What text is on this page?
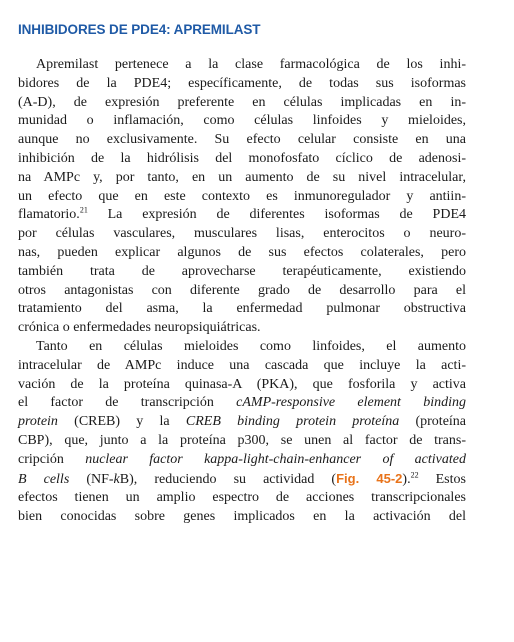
INHIBIDORES DE PDE4: APREMILAST

Apremilast pertenece a la clase farmacológica de los inhi-
bidores de la PDE4; específicamente, de todas sus isoformas
(A-D), de expresión preferente en células implicadas en in-
munidad o inflamación, como células linfoides y mieloides,
aunque no exclusivamente. Su efecto celular consiste en una
inhibición de la hidrólisis del monofosfato cíclico de adenosi-
na AMPc y, por tanto, en un aumento de su nivel intracelular,
un efecto que en este contexto es inmunoregulador y antiin-
flamatorio.$^{21}$ La expresión de diferentes isoformas de PDE4
por células vasculares, musculares lisas, enterocitos o neuro-
nas, pueden explicar algunos de sus efectos colaterales, pero
también trata de aprovecharse terapéuticamente, existiendo
otros antagonistas con diferente grado de desarrollo para el
tratamiento del asma, la enfermedad pulmonar obstructiva
crónica o enfermedades neuropsiquiátricas.

Tanto en células mieloides como linfoides, el aumento
intracelular de AMPc induce una cascada que incluye la acti-
vación de la proteína quinasa-A (PKA), que fosforila y activa
el factor de transcripción cAMP-responsive element binding
protein (CREB) y la CREB binding protein proteína (proteína
CBP), que, junto a la proteína p300, se unen al factor de trans-
cripción nuclear factor kappa-light-chain-enhancer of activated
B cells (NF-kB), reduciendo su actividad (Fig. 45-2).$^{22}$ Estos
efectos tienen un amplio espectro de acciones transcripcionales
bien conocidas sobre genes implicados en la activación del
